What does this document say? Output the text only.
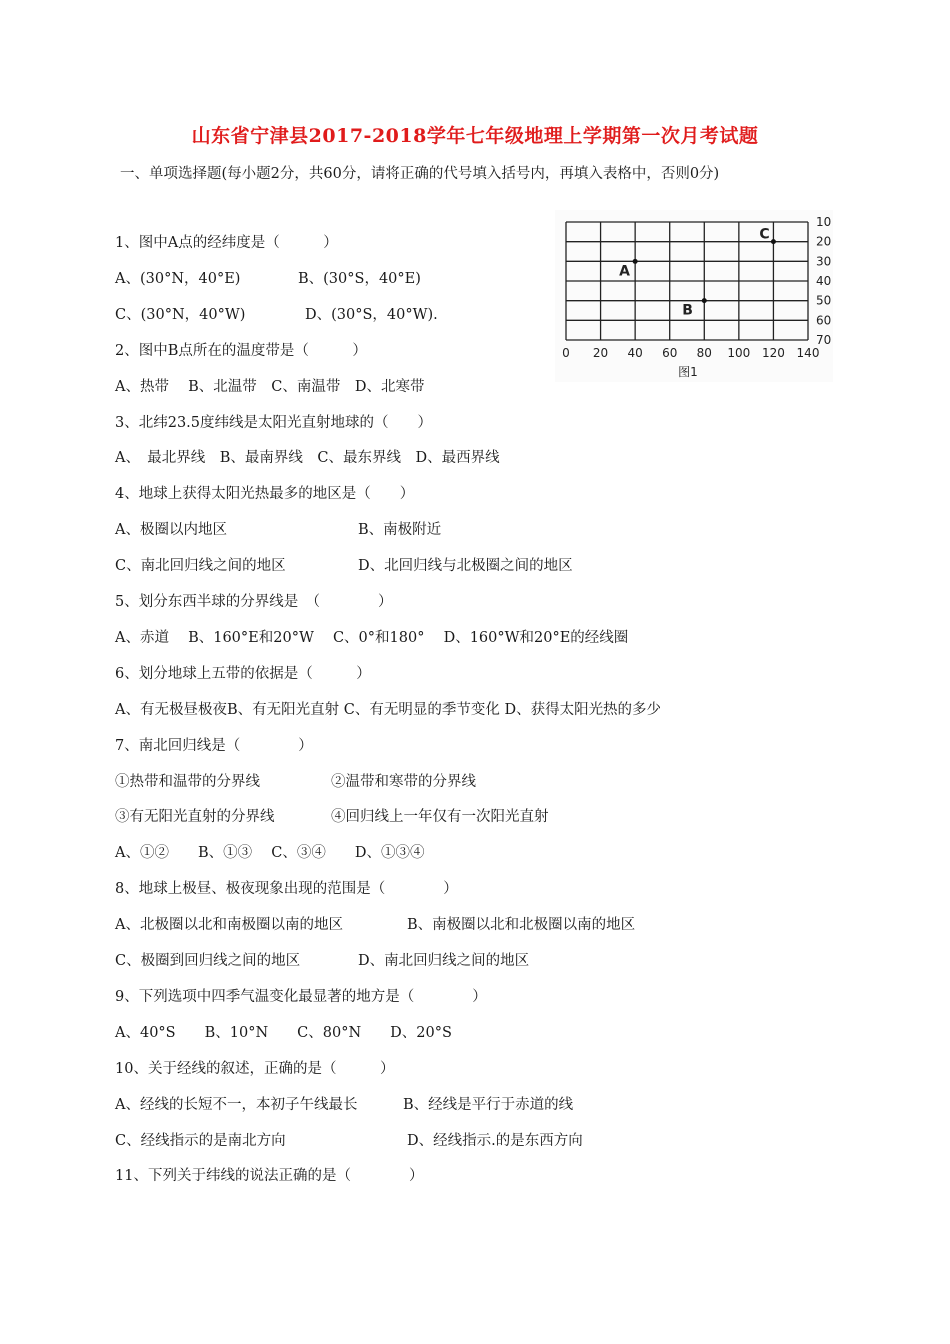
山东省宁津县2017-2018学年七年级地理上学期第一次月考试题
一、单项选择题(每小题2分，共60分，请将正确的代号填入括号内，再填入表格中，否则0分)
1、图中A点的经纬度是（　　　）
A、(30°N，40°E)	B、(30°S，40°E)
C、(30°N，40°W)	D、(30°S，40°W).
2、图中B点所在的温度带是（　　　）
A、热带　 B、北温带　C、南温带　D、北寒带
3、北纬23.5度纬线是太阳光直射地球的（　　）
A、　最北界线　B、最南界线　C、最东界线　D、最西界线
4、地球上获得太阳光热最多的地区是（　　）
A、极圈以内地区	B、南极附近
C、南北回归线之间的地区	D、北回归线与北极圈之间的地区
5、划分东西半球的分界线是　（　　　　）
A、赤道　 B、160°E和20°W　 C、0°和180°　 D、160°W和20°E的经线圈
6、划分地球上五带的依据是（　　　）
A、有无极昼极夜B、有无阳光直射 C、有无明显的季节变化 D、获得太阳光热的多少
7、南北回归线是（　　　　）
①热带和温带的分界线	②温带和寒带的分界线
③有无阳光直射的分界线	④回归线上一年仅有一次阳光直射
A、①②　　B、①③　 C、③④　　D、①③④
8、地球上极昼、极夜现象出现的范围是（　　　　）
A、北极圈以北和南极圈以南的地区	B、南极圈以北和北极圈以南的地区
C、极圈到回归线之间的地区	D、南北回归线之间的地区
9、下列选项中四季气温变化最显著的地方是（　　　　）
A、40°S　　B、10°N　　C、80°N　　D、20°S
10、关于经线的叙述，正确的是（　　　）
A、经线的长短不一，本初子午线最长	B、经线是平行于赤道的线
C、经线指示的是南北方向	D、经线指示.的是东西方向
11、下列关于纬线的说法正确的是（　　　　）
0 20 40 60 80 100 120 140
10
20
30
40
50
60
70
A
B
C
图1
